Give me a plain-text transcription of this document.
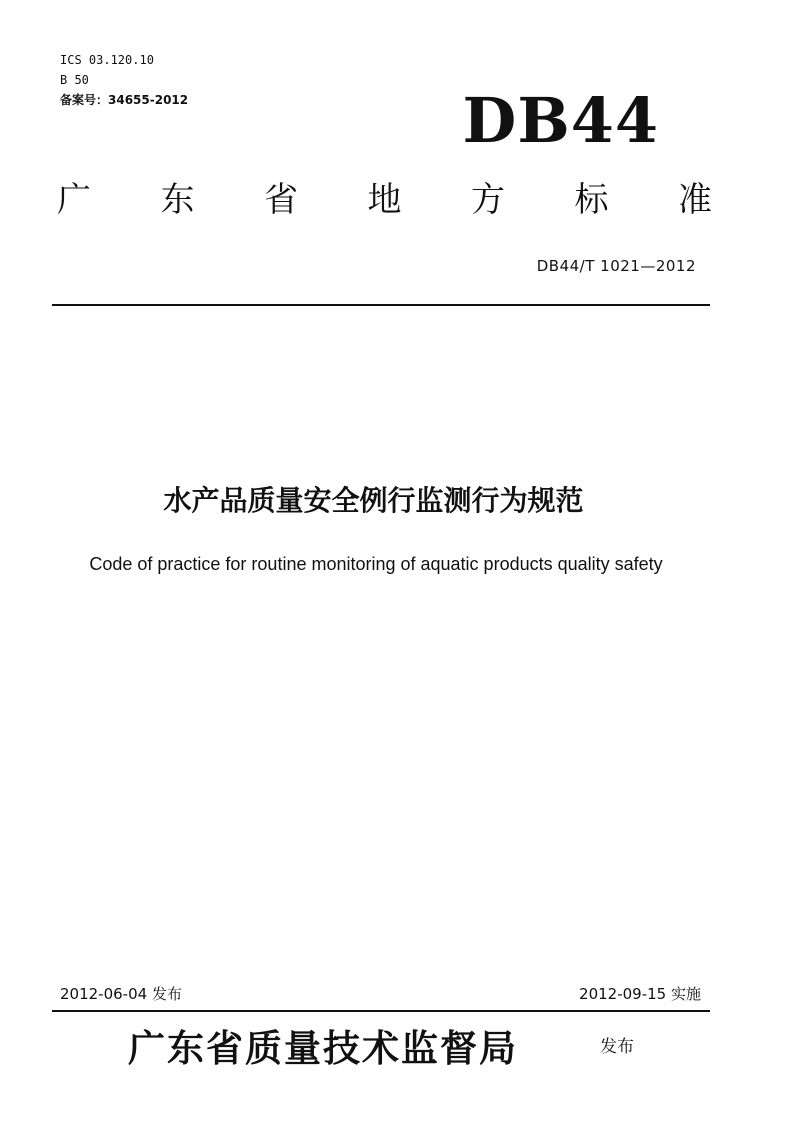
ICS 03.120.10
B 50
备案号：34655-2012	DB44
广 东 省 地 方 标 准
DB44/T 1021—2012
水产品质量安全例行监测行为规范
Code of practice for routine monitoring of aquatic products quality safety
2012-06-04 发布	2012-09-15 实施
广东省质量技术监督局	发布
